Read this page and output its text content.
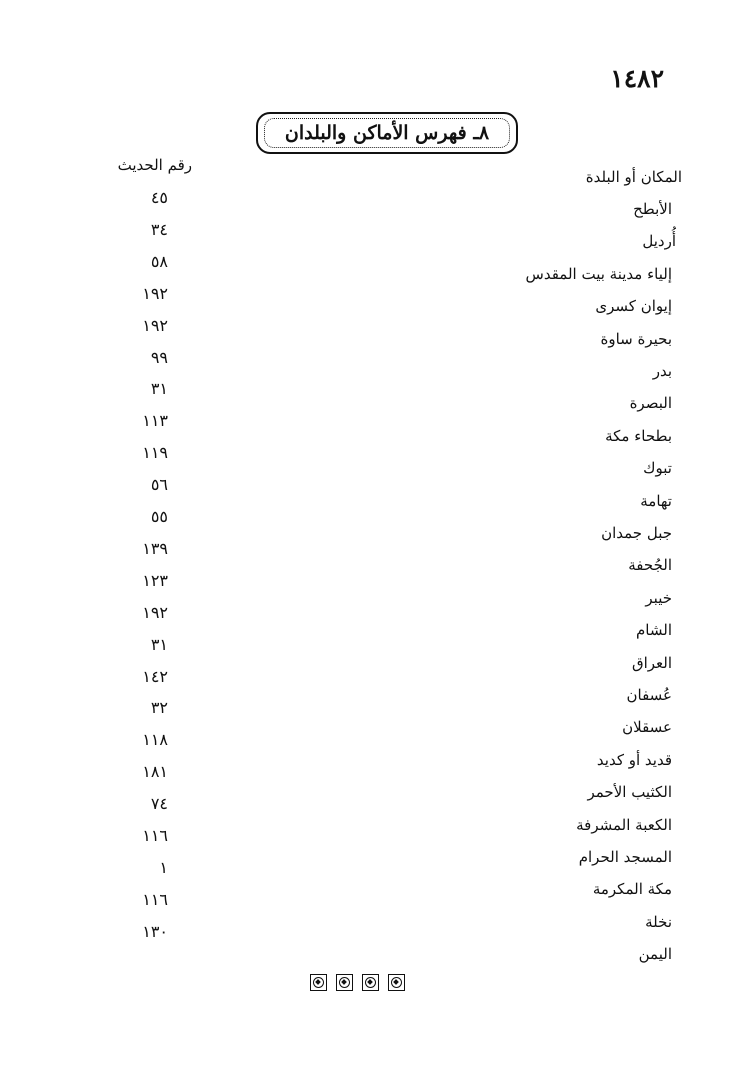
١٤٨٢
٨ـ فهرس الأماكن والبلدان
المكان أو البلدة
رقم الحديث
الأبطح
٤٥
أُرديل
٣٤
إلياء مدينة بيت المقدس
٥٨
إيوان كسرى
١٩٢
بحيرة ساوة
١٩٢
بدر
٩٩
البصرة
٣١
بطحاء مكة
١١٣
تبوك
١١٩
تهامة
٥٦
جبل جمدان
٥٥
الجُحفة
١٣٩
خيبر
١٢٣
الشام
١٩٢
العراق
٣١
عُسفان
١٤٢
عسقلان
٣٢
قديد أو كديد
١١٨
الكثيب الأحمر
١٨١
الكعبة المشرفة
٧٤
المسجد الحرام
١١٦
مكة المكرمة
١
نخلة
١١٦
اليمن
١٣٠
